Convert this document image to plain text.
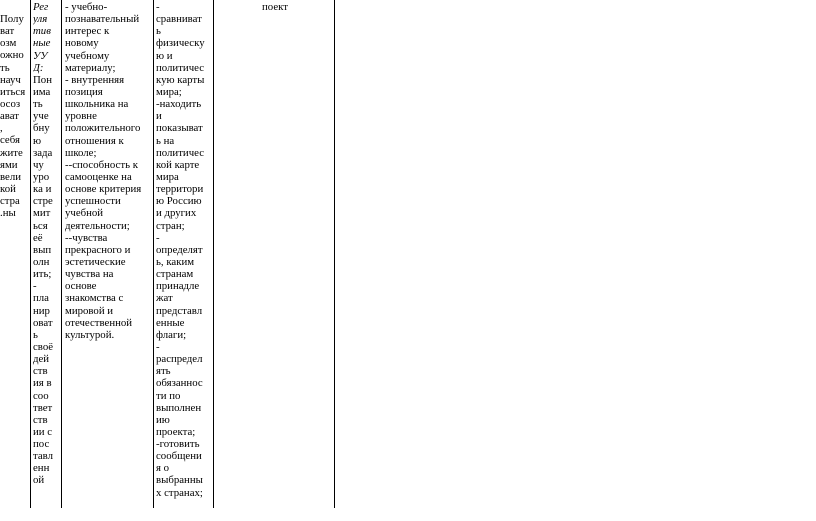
Полу
ват
озм
ожно
ть
науч
иться
осоз
ават
,
себя
жите
ями
вели
кой
стра
ны.
Рег
уля
тив
ные
УУ
Д:
Пон
има
ть
уче
бну
ю
зада
чу
уро
ка и
стре
мит
ься
её
вып
олн
ить;
-
пла
нир
оват
ь
своё
дей
ств
ия в
соо
твет
ств
ии с
пос
тавл
енн
ой
- учебно-
познавательный
интерес к
новому
учебному
материалу;
- внутренняя
позиция
школьника на
уровне
положительного
отношения к
школе;
--способность к
самооценке на
основе критерия
успешности
учебной
деятельности;
--чувства
прекрасного и
эстетические
чувства на
основе
знакомства с
мировой и
отечественной
культурой.
-
сравниват
ь
физическу
ю и
политичес
кую карты
мира;
-находить
и
показыват
ь на
политичес
кой карте
мира
территори
ю Россию
и других
стран;
-
определят
ь, каким
странам
принадле
жат
представл
енные
флаги;
-
распредел
ять
обязаннос
ти по
выполнен
ию
проекта;
-готовить
сообщени
я о
выбранны
х странах;
поект
